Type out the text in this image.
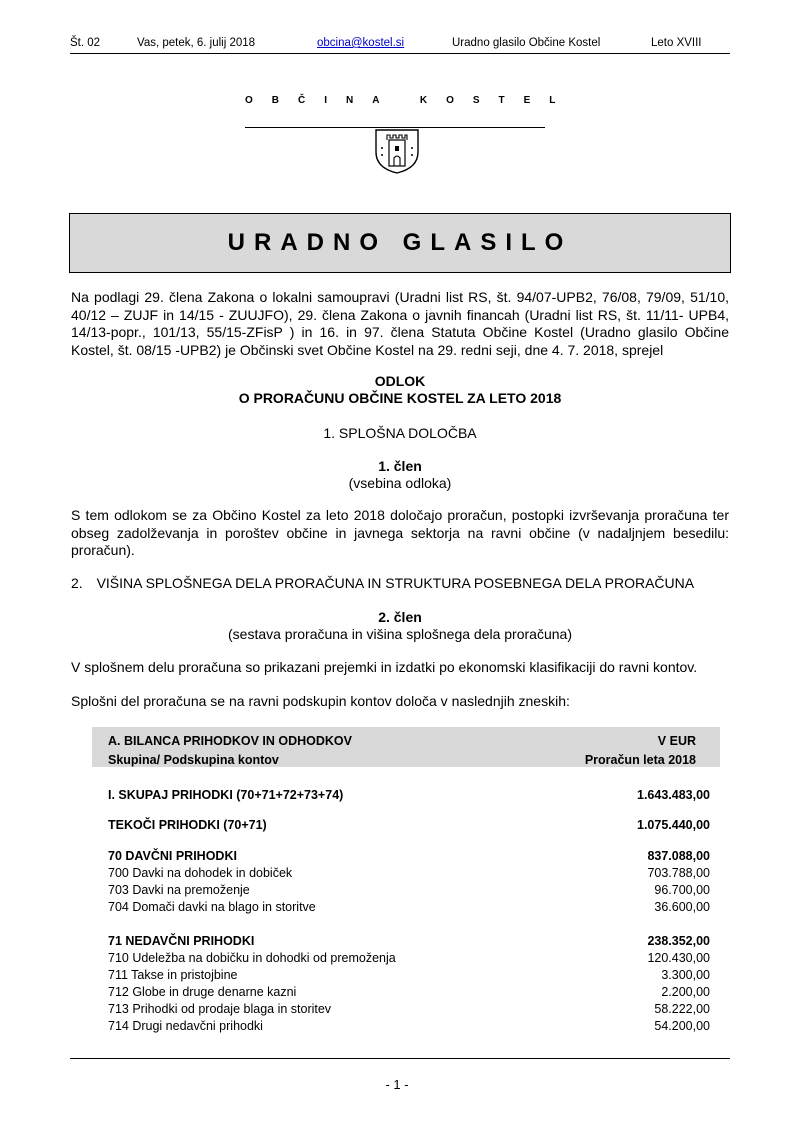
Št. 02	Vas, petek, 6. julij 2018	obcina@kostel.si	Uradno glasilo Občine Kostel	Leto XVIII
OBČINA KOSTEL
URADNO GLASILO
Na podlagi 29. člena Zakona o lokalni samoupravi (Uradni list RS, št. 94/07-UPB2, 76/08, 79/09, 51/10, 40/12 – ZUJF in 14/15 - ZUUJFO), 29. člena Zakona o javnih financah (Uradni list RS, št. 11/11- UPB4, 14/13-popr., 101/13, 55/15-ZFisP ) in 16. in 97. člena Statuta Občine Kostel (Uradno glasilo Občine Kostel, št. 08/15 -UPB2) je Občinski svet Občine Kostel na 29. redni seji, dne 4. 7. 2018, sprejel
ODLOK
O PRORAČUNU OBČINE KOSTEL ZA LETO 2018
1. SPLOŠNA DOLOČBA
1. člen
(vsebina odloka)
S tem odlokom se za Občino Kostel za leto 2018 določajo proračun, postopki izvrševanja proračuna ter obseg zadolževanja in poroštev občine in javnega sektorja na ravni občine (v nadaljnjem besedilu: proračun).
2. VIŠINA SPLOŠNEGA DELA PRORAČUNA IN STRUKTURA POSEBNEGA DELA PRORAČUNA
2. člen
(sestava proračuna in višina splošnega dela proračuna)
V splošnem delu proračuna so prikazani prejemki in izdatki po ekonomski klasifikaciji do ravni kontov.
Splošni del proračuna se na ravni podskupin kontov določa v naslednjih zneskih:
A. BILANCA PRIHODKOV IN ODHODKOV	V EUR
Skupina/ Podskupina kontov	Proračun leta 2018
I. SKUPAJ PRIHODKI (70+71+72+73+74)	1.643.483,00
TEKOČI PRIHODKI (70+71)	1.075.440,00
70 DAVČNI PRIHODKI	837.088,00
700 Davki na dohodek in dobiček	703.788,00
703 Davki na premoženje	96.700,00
704 Domači davki na blago in storitve	36.600,00
71 NEDAVČNI PRIHODKI	238.352,00
710 Udeležba na dobičku in dohodki od premoženja	120.430,00
711 Takse in pristojbine	3.300,00
712 Globe in druge denarne kazni	2.200,00
713 Prihodki od prodaje blaga in storitev	58.222,00
714 Drugi nedavčni prihodki	54.200,00
- 1 -
